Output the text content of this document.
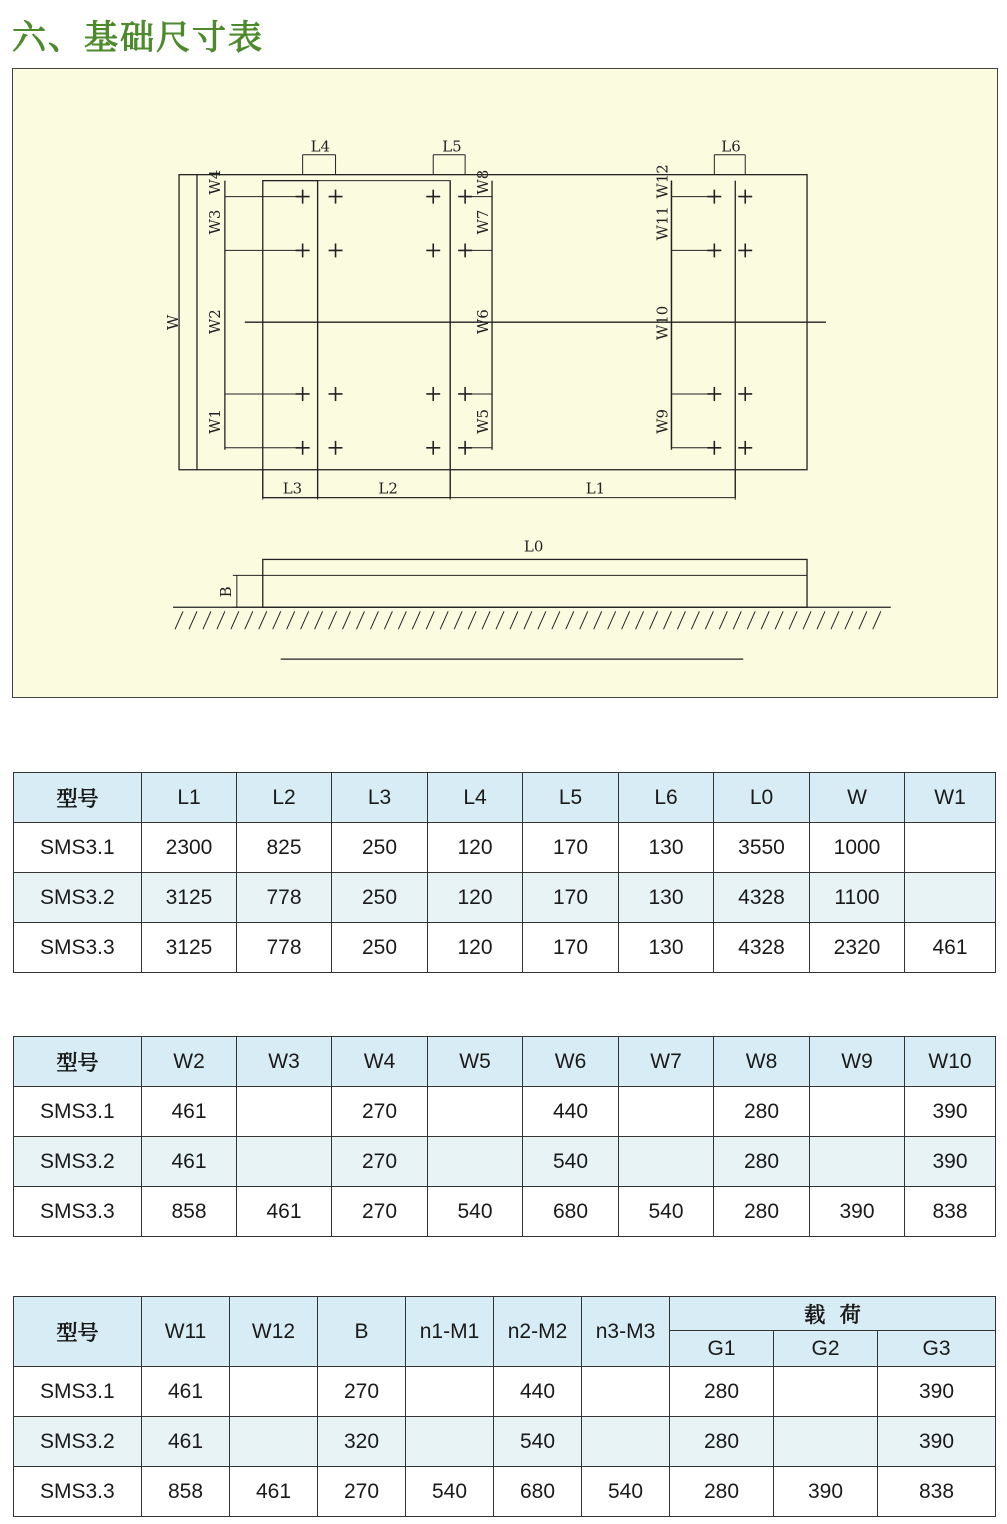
六、基础尺寸表
L4	L5	L6
L3	L2	L1
L0
W
W4
W3
W2
W1
W8
W7
W6
W5
W12
W11
W10
W9
B
型号	L1	L2	L3	L4	L5	L6	L0	W	W1
SMS3.1	2300	825	250	120	170	130	3550	1000	
SMS3.2	3125	778	250	120	170	130	4328	1100	
SMS3.3	3125	778	250	120	170	130	4328	2320	461
型号	W2	W3	W4	W5	W6	W7	W8	W9	W10
SMS3.1	461		270		440		280		390
SMS3.2	461		270		540		280		390
SMS3.3	858	461	270	540	680	540	280	390	838
型号	W11	W12	B	n1-M1	n2-M2	n3-M3	载  荷		
							G1	G2	G3
SMS3.1	461		270		440		280		390
SMS3.2	461		320		540		280		390
SMS3.3	858	461	270	540	680	540	280	390	838
